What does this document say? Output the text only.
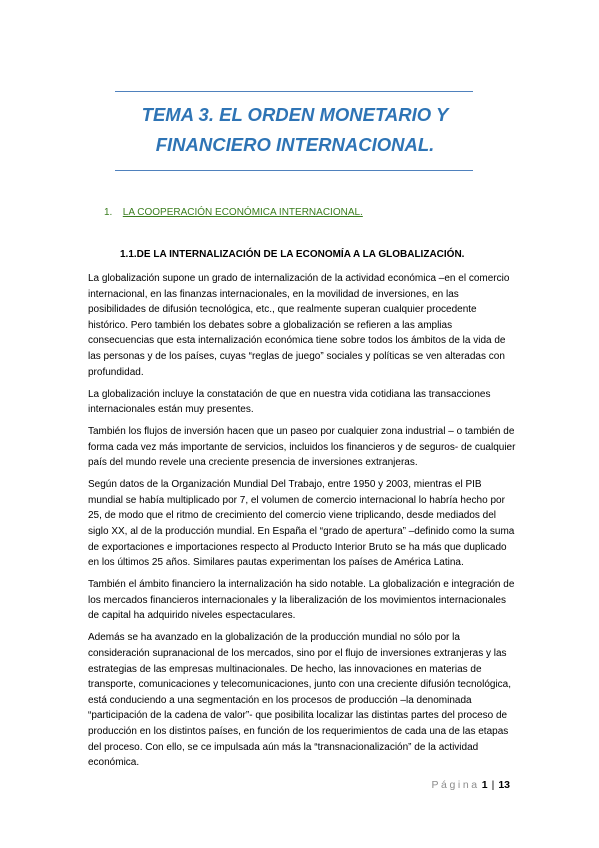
TEMA 3. EL ORDEN MONETARIO Y
FINANCIERO INTERNACIONAL.
1. LA COOPERACIÓN ECONÓMICA INTERNACIONAL.
1.1.DE LA INTERNALIZACIÓN DE LA ECONOMÍA A LA GLOBALIZACIÓN.

La globalización supone un grado de internalización de la actividad económica –en el comercio internacional, en las finanzas internacionales, en la movilidad de inversiones, en las posibilidades de difusión tecnológica, etc., que realmente superan cualquier procedente histórico. Pero también los debates sobre a globalización se refieren a las amplias consecuencias que esta internalización económica tiene sobre todos los ámbitos de la vida de las personas y de los países, cuyas “reglas de juego” sociales y políticas se ven alteradas con profundidad.

La globalización incluye la constatación de que en nuestra vida cotidiana las transacciones internacionales están muy presentes.

También los flujos de inversión hacen que un paseo por cualquier zona industrial – o también de forma cada vez más importante de servicios, incluidos los financieros y de seguros- de cualquier país del mundo revele una creciente presencia de inversiones extranjeras.

Según datos de la Organización Mundial Del Trabajo, entre 1950 y 2003, mientras el PIB mundial se había multiplicado por 7, el volumen de comercio internacional lo habría hecho por 25, de modo que el ritmo de crecimiento del comercio viene triplicando, desde mediados del siglo XX, al de la producción mundial. En España el “grado de apertura” –definido como la suma de exportaciones e importaciones respecto al Producto Interior Bruto se ha más que duplicado en los últimos 25 años. Similares pautas experimentan los países de América Latina.

También el ámbito financiero la internalización ha sido notable. La globalización e integración de los mercados financieros internacionales y la liberalización de los movimientos internacionales de capital ha adquirido niveles espectaculares.

Además se ha avanzado en la globalización de la producción mundial no sólo por la consideración supranacional de los mercados, sino por el flujo de inversiones extranjeras y las estrategias de las empresas multinacionales. De hecho, las innovaciones en materias de transporte, comunicaciones y telecomunicaciones, junto con una creciente difusión tecnológica, está conduciendo a una segmentación en los procesos de producción –la denominada “participación de la cadena de valor”- que posibilita localizar las distintas partes del proceso de producción en los distintos países, en función de los requerimientos de cada una de las etapas del proceso. Con ello, se ce impulsada aún más la “transnacionalización” de la actividad económica.

Página 1 | 13
